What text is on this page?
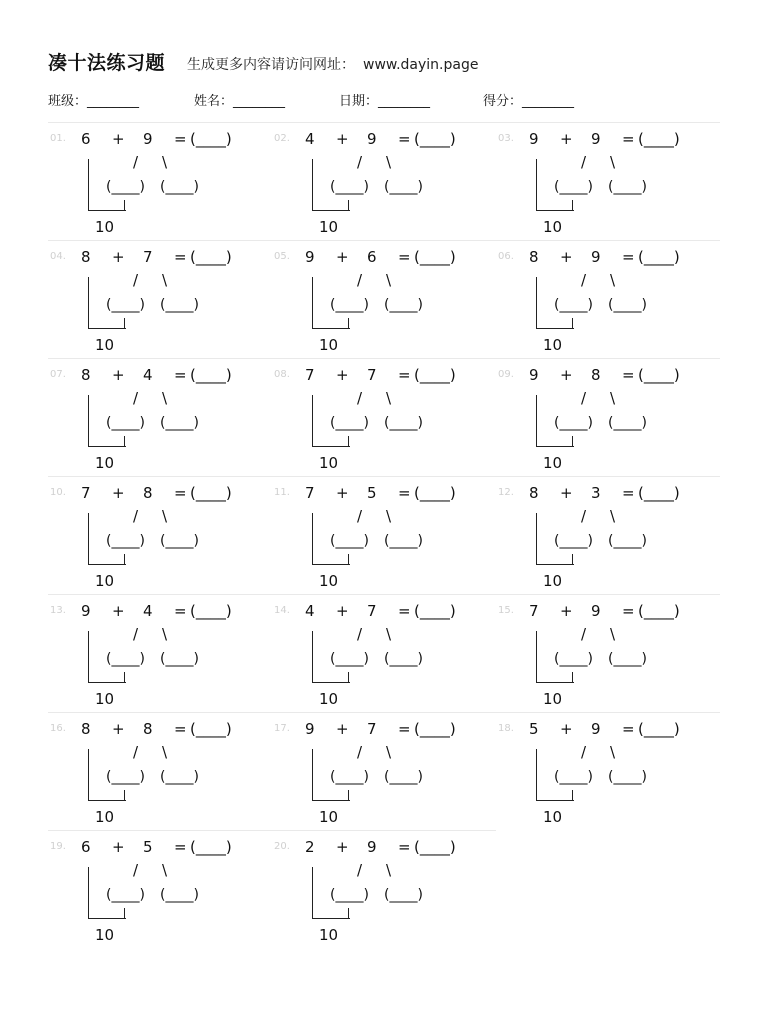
凑十法练习题 生成更多内容请访问网址： www.dayin.page
班级：________	姓名：________	日期：________	得分：________
01. 6 + 9 = (____)
/ \
(____) (____)
10
02. 4 + 9 = (____)
/ \
(____) (____)
10
03. 9 + 9 = (____)
/ \
(____) (____)
10
04. 8 + 7 = (____)
/ \
(____) (____)
10
05. 9 + 6 = (____)
/ \
(____) (____)
10
06. 8 + 9 = (____)
/ \
(____) (____)
10
07. 8 + 4 = (____)
/ \
(____) (____)
10
08. 7 + 7 = (____)
/ \
(____) (____)
10
09. 9 + 8 = (____)
/ \
(____) (____)
10
10. 7 + 8 = (____)
/ \
(____) (____)
10
11. 7 + 5 = (____)
/ \
(____) (____)
10
12. 8 + 3 = (____)
/ \
(____) (____)
10
13. 9 + 4 = (____)
/ \
(____) (____)
10
14. 4 + 7 = (____)
/ \
(____) (____)
10
15. 7 + 9 = (____)
/ \
(____) (____)
10
16. 8 + 8 = (____)
/ \
(____) (____)
10
17. 9 + 7 = (____)
/ \
(____) (____)
10
18. 5 + 9 = (____)
/ \
(____) (____)
10
19. 6 + 5 = (____)
/ \
(____) (____)
10
20. 2 + 9 = (____)
/ \
(____) (____)
10
